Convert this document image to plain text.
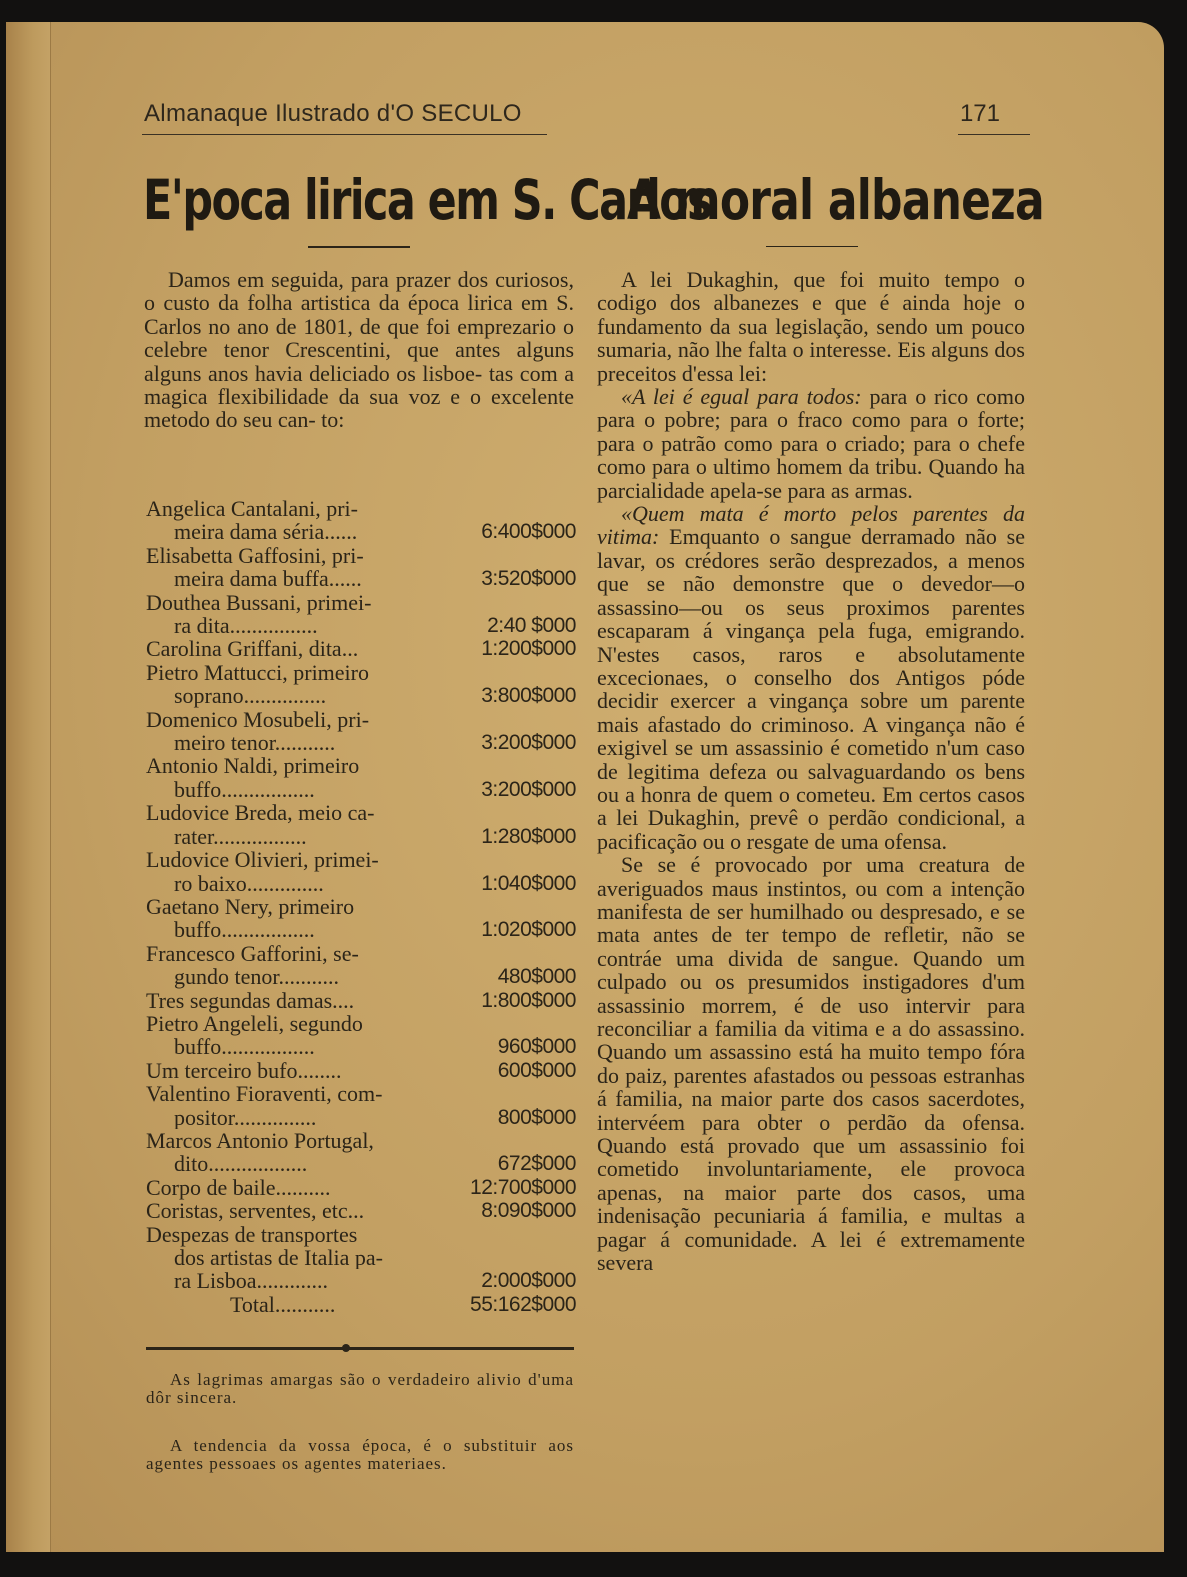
Almanaque Ilustrado d'O SECULO	171
E'poca lirica em S. Carlos
A moral albaneza

Damos em seguida, para prazer dos curiosos, o custo da folha artistica da época lirica em S. Carlos no ano de 1801, de que foi emprezario o celebre tenor Crescentini, que antes alguns alguns anos havia deliciado os lisboe- tas com a magica flexibilidade da sua voz e o excelente metodo do seu can- to:

Angelica Cantalani, pri-
meira dama séria......	6:400$000
Elisabetta Gaffosini, pri-
meira dama buffa......	3:520$000
Douthea Bussani, primei-
ra dita................	2:40 $000
Carolina Griffani, dita...	1:200$000
Pietro Mattucci, primeiro
soprano...............	3:800$000
Domenico Mosubeli, pri-
meiro tenor...........	3:200$000
Antonio Naldi, primeiro
buffo.................	3:200$000
Ludovice Breda, meio ca-
rater.................	1:280$000
Ludovice Olivieri, primei-
ro baixo..............	1:040$000
Gaetano Nery, primeiro
buffo.................	1:020$000
Francesco Gafforini, se-
gundo tenor...........	480$000
Tres segundas damas....	1:800$000
Pietro Angeleli, segundo
buffo.................	960$000
Um terceiro bufo........	600$000
Valentino Fioraventi, com-
positor...............	800$000
Marcos Antonio Portugal,
dito..................	672$000
Corpo de baile..........	12:700$000
Coristas, serventes, etc...	8:090$000
Despezas de transportes
dos artistas de Italia pa-
ra Lisboa.............	2:000$000
Total...........	55:162$000

As lagrimas amargas são o verdadeiro alivio d'uma dôr sincera.

A tendencia da vossa época, é o substituir aos agentes pessoaes os agentes materiaes.

A lei Dukaghin, que foi muito tempo o codigo dos albanezes e que é ainda hoje o fundamento da sua legislação, sendo um pouco sumaria, não lhe falta o interesse. Eis alguns dos preceitos d'essa lei:

«A lei é egual para todos: para o rico como para o pobre; para o fraco como para o forte; para o patrão como para o criado; para o chefe como para o ultimo homem da tribu. Quando ha parcialidade apela-se para as armas.

«Quem mata é morto pelos parentes da vitima: Emquanto o sangue derramado não se lavar, os crédores serão desprezados, a menos que se não demonstre que o devedor—o assassino—ou os seus proximos parentes escaparam á vingança pela fuga, emigrando. N'estes casos, raros e absolutamente excecionaes, o conselho dos Antigos póde decidir exercer a vingança sobre um parente mais afastado do criminoso. A vingança não é exigivel se um assassinio é cometido n'um caso de legitima defeza ou salvaguardando os bens ou a honra de quem o cometeu. Em certos casos a lei Dukaghin, prevê o perdão condicional, a pacificação ou o resgate de uma ofensa.

Se se é provocado por uma creatura de averiguados maus instintos, ou com a intenção manifesta de ser humilhado ou despresado, e se mata antes de ter tempo de refletir, não se contráe uma divida de sangue. Quando um culpado ou os presumidos instigadores d'um assassinio morrem, é de uso intervir para reconciliar a familia da vitima e a do assassino. Quando um assassino está ha muito tempo fóra do paiz, parentes afastados ou pessoas estranhas á familia, na maior parte dos casos sacerdotes, intervéem para obter o perdão da ofensa. Quando está provado que um assassinio foi cometido involuntariamente, ele provoca apenas, na maior parte dos casos, uma indenisação pecuniaria á familia, e multas a pagar á comunidade. A lei é extremamente severa
